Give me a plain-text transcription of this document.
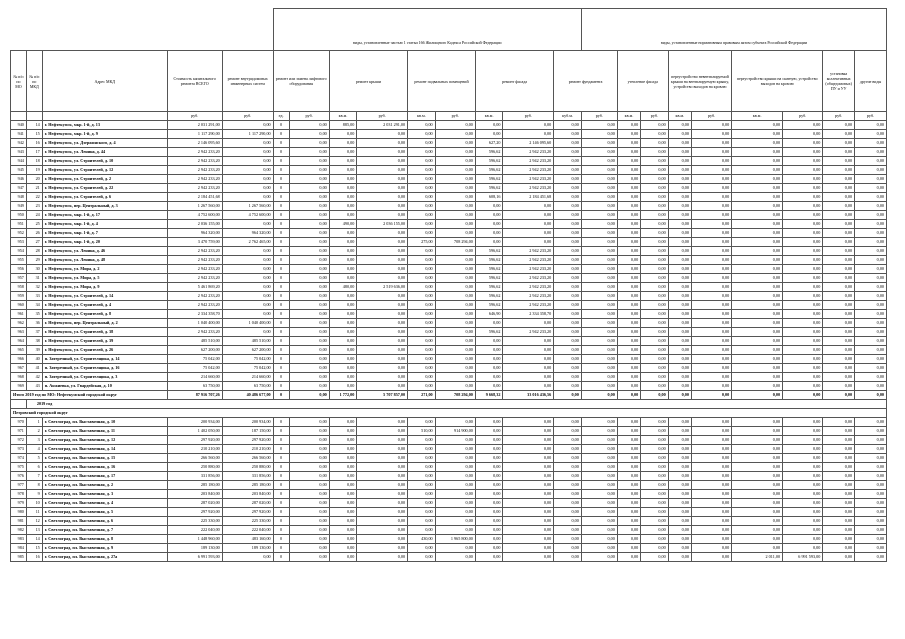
					виды, установленные частью 1 статьи 166 Жилищного Кодекса Российской Федерации									виды, установленные нормативным правовым актом субъекта Российской Федерации								
№ п/п по МО	№ п/п по МКД	Адрес МКД	Стоимость капитального ремонта ВСЕГО	ремонт внутридомовых инженерных систем	ремонт или замена лифтового оборудования		ремонт крыши		ремонт подвальных помещений		ремонт фасада		ремонт фундамента		утепление фасада		переустройство невентилируемой крыши на вентилируемую крышу, устройство выходов на кровлю		переустройство крыши на скатную, устройство выходов на кровлю		установка коллективных (общедомовых) ПУ и УУ	другие виды
			руб.	руб.	ед.	руб.	кв.м.	руб.	кв.м.	руб.	кв.м.	руб.	куб.м.	руб.	кв.м.	руб.	кв.м.	руб.	кв.м.	руб.	руб.	руб.
940	14	г. Нефтекумск, мкр. 1-й, д. 13	2 031 291,00	0,00	0	0,00	885,00	2 031 291,00	0,00	0,00	0,00	0,00	0,00	0,00	0,00	0,00	0,00	0,00	0,00	0,00	0,00	0,00
941	15	г. Нефтекумск, мкр. 1-й, д. 9	1 117 290,00	1 117 290,00	0	0,00	0,00	0,00	0,00	0,00	0,00	0,00	0,00	0,00	0,00	0,00	0,00	0,00	0,00	0,00	0,00	0,00
942	16	г. Нефтекумск, ул. Дзержинского, д. 4	2 146 095,60	0,00	0	0,00	0,00	0,00	0,00	0,00	627,20	2 146 095,60	0,00	0,00	0,00	0,00	0,00	0,00	0,00	0,00	0,00	0,00
943	17	г. Нефтекумск, ул. Ленина, д. 44	2 942 233,20	0,00	0	0,00	0,00	0,00	0,00	0,00	596,62	2 942 233,20	0,00	0,00	0,00	0,00	0,00	0,00	0,00	0,00	0,00	0,00
944	18	г. Нефтекумск, ул. Строителей, д. 10	2 942 233,20	0,00	0	0,00	0,00	0,00	0,00	0,00	596,62	2 942 233,20	0,00	0,00	0,00	0,00	0,00	0,00	0,00	0,00	0,00	0,00
945	19	г. Нефтекумск, ул. Строителей, д. 12	2 942 233,20	0,00	0	0,00	0,00	0,00	0,00	0,00	596,62	2 942 233,20	0,00	0,00	0,00	0,00	0,00	0,00	0,00	0,00	0,00	0,00
946	20	г. Нефтекумск, ул. Строителей, д. 2	2 942 233,20	0,00	0	0,00	0,00	0,00	0,00	0,00	596,62	2 942 233,20	0,00	0,00	0,00	0,00	0,00	0,00	0,00	0,00	0,00	0,00
947	21	г. Нефтекумск, ул. Строителей, д. 22	2 942 233,20	0,00	0	0,00	0,00	0,00	0,00	0,00	596,62	2 942 233,20	0,00	0,00	0,00	0,00	0,00	0,00	0,00	0,00	0,00	0,00
948	22	г. Нефтекумск, ул. Строителей, д. 6	2 184 451,68	0,00	0	0,00	0,00	0,00	0,00	0,00	608,16	2 184 451,68	0,00	0,00	0,00	0,00	0,00	0,00	0,00	0,00	0,00	0,00
949	23	г. Нефтекумск, пер. Центральный, д. 3	1 267 560,00	1 267 560,00	0	0,00	0,00	0,00	0,00	0,00	0,00	0,00	0,00	0,00	0,00	0,00	0,00	0,00	0,00	0,00	0,00	0,00
950	24	г. Нефтекумск, мкр. 1-й, д. 17	4 752 600,00	4 752 600,00	0	0,00	0,00	0,00	0,00	0,00	0,00	0,00	0,00	0,00	0,00	0,00	0,00	0,00	0,00	0,00	0,00	0,00
951	25	г. Нефтекумск, мкр. 1-й, д. 4	2 036 155,00	0,00	0	0,00	490,00	2 036 155,00	0,00	0,00	0,00	0,00	0,00	0,00	0,00	0,00	0,00	0,00	0,00	0,00	0,00	0,00
952	26	г. Нефтекумск, мкр. 1-й, д. 7	964 320,00	964 320,00	0	0,00	0,00	0,00	0,00	0,00	0,00	0,00	0,00	0,00	0,00	0,00	0,00	0,00	0,00	0,00	0,00	0,00
953	27	г. Нефтекумск, мкр. 1-й, д. 20	3 470 759,00	2 762 465,00	0	0,00	0,00	0,00	275,00	708 294,00	0,00	0,00	0,00	0,00	0,00	0,00	0,00	0,00	0,00	0,00	0,00	0,00
954	28	г. Нефтекумск, ул. Ленина, д. 46	2 942 233,20	0,00	0	0,00	0,00	0,00	0,00	0,00	596,62	2 942 233,20	0,00	0,00	0,00	0,00	0,00	0,00	0,00	0,00	0,00	0,00
955	29	г. Нефтекумск, ул. Ленина, д. 48	2 942 233,20	0,00	0	0,00	0,00	0,00	0,00	0,00	596,62	2 942 233,20	0,00	0,00	0,00	0,00	0,00	0,00	0,00	0,00	0,00	0,00
956	30	г. Нефтекумск, ул. Мира, д. 2	2 942 233,20	0,00	0	0,00	0,00	0,00	0,00	0,00	596,62	2 942 233,20	0,00	0,00	0,00	0,00	0,00	0,00	0,00	0,00	0,00	0,00
957	31	г. Нефтекумск, ул. Мира, д. 5	2 942 233,20	0,00	0	0,00	0,00	0,00	0,00	0,00	596,62	2 942 233,20	0,00	0,00	0,00	0,00	0,00	0,00	0,00	0,00	0,00	0,00
958	32	г. Нефтекумск, ул. Мира, д. 9	5 461 869,20	0,00	0	0,00	480,00	2 519 636,00	0,00	0,00	596,62	2 942 233,20	0,00	0,00	0,00	0,00	0,00	0,00	0,00	0,00	0,00	0,00
959	33	г. Нефтекумск, ул. Строителей, д. 14	2 942 233,20	0,00	0	0,00	0,00	0,00	0,00	0,00	596,62	2 942 233,20	0,00	0,00	0,00	0,00	0,00	0,00	0,00	0,00	0,00	0,00
960	34	г. Нефтекумск, ул. Строителей, д. 4	2 942 233,20	0,00	0	0,00	0,00	0,00	0,00	0,00	596,62	2 942 233,20	0,00	0,00	0,00	0,00	0,00	0,00	0,00	0,00	0,00	0,00
961	35	г. Нефтекумск, ул. Строителей, д. 8	2 334 358,70	0,00	0	0,00	0,00	0,00	0,00	0,00	646,90	2 334 358,70	0,00	0,00	0,00	0,00	0,00	0,00	0,00	0,00	0,00	0,00
962	36	г. Нефтекумск, пер. Центральный, д. 2	1 040 400,00	1 040 400,00	0	0,00	0,00	0,00	0,00	0,00	0,00	0,00	0,00	0,00	0,00	0,00	0,00	0,00	0,00	0,00	0,00	0,00
963	37	г. Нефтекумск, ул. Строителей, д. 38	2 942 233,20	0,00	0	0,00	0,00	0,00	0,00	0,00	596,62	2 942 233,20	0,00	0,00	0,00	0,00	0,00	0,00	0,00	0,00	0,00	0,00
964	38	г. Нефтекумск, ул. Строителей, д. 39	485 510,00	485 510,00	0	0,00	0,00	0,00	0,00	0,00	0,00	0,00	0,00	0,00	0,00	0,00	0,00	0,00	0,00	0,00	0,00	0,00
965	39	г. Нефтекумск, ул. Строителей, д. 26	627 200,00	627 200,00	0	0,00	0,00	0,00	0,00	0,00	0,00	0,00	0,00	0,00	0,00	0,00	0,00	0,00	0,00	0,00	0,00	0,00
966	40	п. Затеречный, ул. Строителщика, д. 14	75 042,00	75 042,00	0	0,00	0,00	0,00	0,00	0,00	0,00	0,00	0,00	0,00	0,00	0,00	0,00	0,00	0,00	0,00	0,00	0,00
967	41	п. Затеречный, ул. Строителщика, д. 16	75 042,00	75 042,00	0	0,00	0,00	0,00	0,00	0,00	0,00	0,00	0,00	0,00	0,00	0,00	0,00	0,00	0,00	0,00	0,00	0,00
968	42	п. Затеречный, ул. Строителщика, д. 3	214 660,00	214 660,00	0	0,00	0,00	0,00	0,00	0,00	0,00	0,00	0,00	0,00	0,00	0,00	0,00	0,00	0,00	0,00	0,00	0,00
969	43	п. Анжиевка, ул. Гвардейская, д. 10	63 750,00	63 750,00	0	0,00	0,00	0,00	0,00	0,00	0,00	0,00	0,00	0,00	0,00	0,00	0,00	0,00	0,00	0,00	0,00	0,00
Итого 2019 год по МО: Нефтекумский городской округ			87 916 707,26	40 486 677,00	0	0,00	1 772,00	5 707 857,00	271,00	708 294,00	9 668,32	33 016 436,56	0,00	0,00	0,00	0,00	0,00	0,00	0,00	0,00	0,00	0,00
	2019 год																					
Петровский городской округ																						
970	1	г. Светлоград, пл. Выставочная, д. 10	200 934,00	200 934,00	0	0,00	0,00	0,00	0,00	0,00	0,00	0,00	0,00	0,00	0,00	0,00	0,00	0,00	0,00	0,00	0,00	0,00
971	2	г. Светлоград, пл. Выставочная, д. 11	1 402 050,00	187 150,00	0	0,00	0,00	0,00	510,00	914 900,00	0,00	0,00	0,00	0,00	0,00	0,00	0,00	0,00	0,00	0,00	0,00	0,00
972	3	г. Светлоград, пл. Выставочная, д. 12	297 920,00	297 920,00	0	0,00	0,00	0,00	0,00	0,00	0,00	0,00	0,00	0,00	0,00	0,00	0,00	0,00	0,00	0,00	0,00	0,00
973	4	г. Светлоград, пл. Выставочная, д. 14	210 210,00	210 210,00	0	0,00	0,00	0,00	0,00	0,00	0,00	0,00	0,00	0,00	0,00	0,00	0,00	0,00	0,00	0,00	0,00	0,00
974	5	г. Светлоград, пл. Выставочная, д. 15	266 560,00	266 560,00	0	0,00	0,00	0,00	0,00	0,00	0,00	0,00	0,00	0,00	0,00	0,00	0,00	0,00	0,00	0,00	0,00	0,00
975	6	г. Светлоград, пл. Выставочная, д. 16	250 880,00	250 880,00	0	0,00	0,00	0,00	0,00	0,00	0,00	0,00	0,00	0,00	0,00	0,00	0,00	0,00	0,00	0,00	0,00	0,00
976	7	г. Светлоград, пл. Выставочная, д. 17	331 856,00	331 856,00	0	0,00	0,00	0,00	0,00	0,00	0,00	0,00	0,00	0,00	0,00	0,00	0,00	0,00	0,00	0,00	0,00	0,00
977	8	г. Светлоград, пл. Выставочная, д. 2	285 180,00	285 180,00	0	0,00	0,00	0,00	0,00	0,00	0,00	0,00	0,00	0,00	0,00	0,00	0,00	0,00	0,00	0,00	0,00	0,00
978	9	г. Светлоград, пл. Выставочная, д. 3	203 840,00	203 840,00	0	0,00	0,00	0,00	0,00	0,00	0,00	0,00	0,00	0,00	0,00	0,00	0,00	0,00	0,00	0,00	0,00	0,00
979	10	г. Светлоград, пл. Выставочная, д. 4	287 020,00	287 020,00	0	0,00	0,00	0,00	0,00	0,00	0,00	0,00	0,00	0,00	0,00	0,00	0,00	0,00	0,00	0,00	0,00	0,00
980	11	г. Светлоград, пл. Выставочная, д. 5	297 920,00	297 920,00	0	0,00	0,00	0,00	0,00	0,00	0,00	0,00	0,00	0,00	0,00	0,00	0,00	0,00	0,00	0,00	0,00	0,00
981	12	г. Светлоград, пл. Выставочная, д. 6	225 330,00	225 330,00	0	0,00	0,00	0,00	0,00	0,00	0,00	0,00	0,00	0,00	0,00	0,00	0,00	0,00	0,00	0,00	0,00	0,00
982	13	г. Светлоград, пл. Выставочная, д. 7	222 040,00	222 040,00	0	0,00	0,00	0,00	0,00	0,00	0,00	0,00	0,00	0,00	0,00	0,00	0,00	0,00	0,00	0,00	0,00	0,00
983	14	г. Светлоград, пл. Выставочная, д. 8	1 448 960,00	483 160,00	0	0,00	0,00	0,00	430,00	1 965 800,00	0,00	0,00	0,00	0,00	0,00	0,00	0,00	0,00	0,00	0,00	0,00	0,00
984	15	г. Светлоград, пл. Выставочная, д. 9	189 130,00	189 130,00	0	0,00	0,00	0,00	0,00	0,00	0,00	0,00	0,00	0,00	0,00	0,00	0,00	0,00	0,00	0,00	0,00	0,00
985	16	г. Светлоград, пл. Выставочная, д. 27а	6 991 593,00	0,00	0	0,00	0,00	0,00	0,00	0,00	0,00	0,00	0,00	0,00	0,00	0,00	0,00	0,00	2 011,00	6 991 593,00	0,00	0,00
